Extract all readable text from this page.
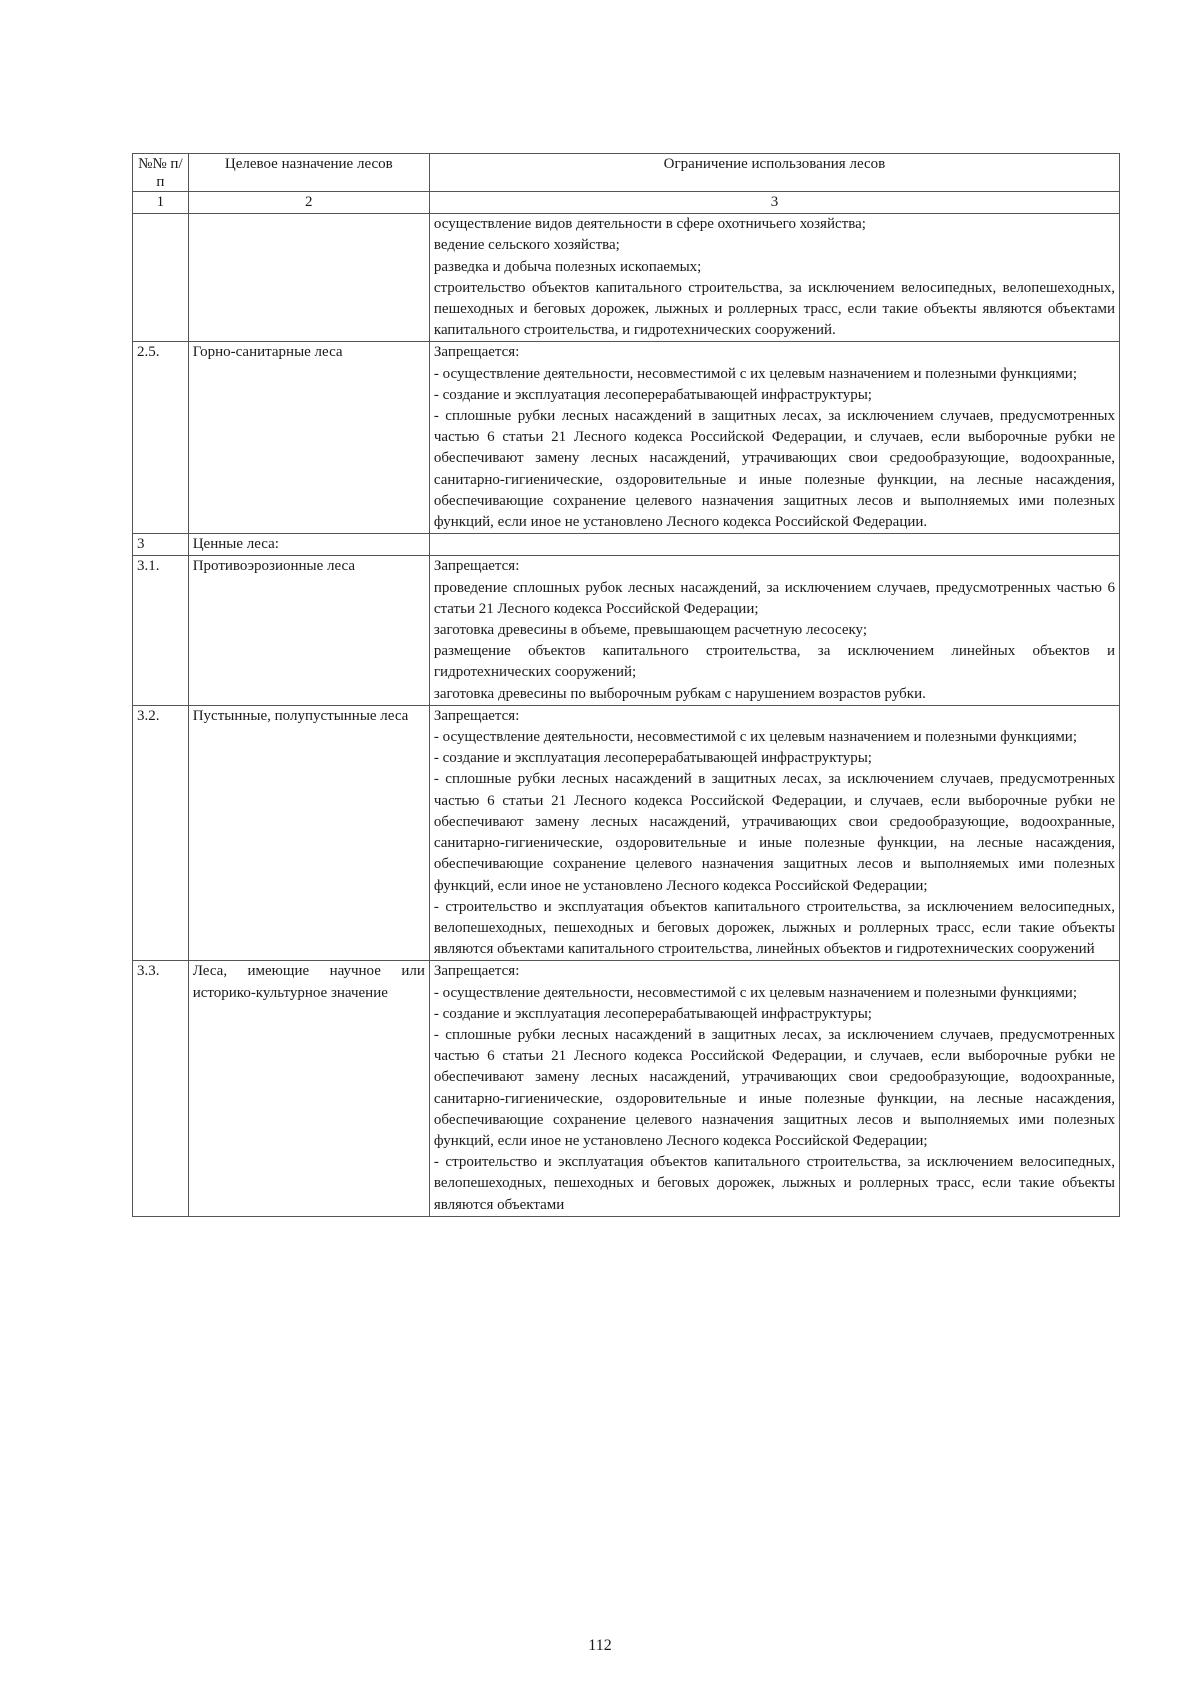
№№ п/п	Целевое назначение лесов	Ограничение использования лесов
1	2	3

		осуществление видов деятельности в сфере охотничьего хозяйства;

ведение сельского хозяйства;

разведка и добыча полезных ископаемых;

строительство объектов капитального строительства, за исключением велосипедных, велопешеходных, пешеходных и беговых дорожек, лыжных и роллерных трасс, если такие объекты являются объектами капитального строительства, и гидротехнических сооружений.

2.5.	Горно-санитарные леса	Запрещается:

- осуществление деятельности, несовместимой с их целевым назначением и полезными функциями;

- создание и эксплуатация лесоперерабатывающей инфраструктуры;

- сплошные рубки лесных насаждений в защитных лесах, за исключением случаев, предусмотренных частью 6 статьи 21 Лесного кодекса Российской Федерации, и случаев, если выборочные рубки не обеспечивают замену лесных насаждений, утрачивающих свои средообразующие, водоохранные, санитарно-гигиенические, оздоровительные и иные полезные функции, на лесные насаждения, обеспечивающие сохранение целевого назначения защитных лесов и выполняемых ими полезных функций, если иное не установлено Лесного кодекса Российской Федерации.

3	Ценные леса:	
3.1.	Противоэрозионные леса	Запрещается:

проведение сплошных рубок лесных насаждений, за исключением случаев, предусмотренных частью 6 статьи 21 Лесного кодекса Российской Федерации;

заготовка древесины в объеме, превышающем расчетную лесосеку;

размещение объектов капитального строительства, за исключением линейных объектов и гидротехнических сооружений;

заготовка древесины по выборочным рубкам с нарушением возрастов рубки.

3.2.	Пустынные, полупустынные леса	Запрещается:

- осуществление деятельности, несовместимой с их целевым назначением и полезными функциями;

- создание и эксплуатация лесоперерабатывающей инфраструктуры;

- сплошные рубки лесных насаждений в защитных лесах, за исключением случаев, предусмотренных частью 6 статьи 21 Лесного кодекса Российской Федерации, и случаев, если выборочные рубки не обеспечивают замену лесных насаждений, утрачивающих свои средообразующие, водоохранные, санитарно-гигиенические, оздоровительные и иные полезные функции, на лесные насаждения, обеспечивающие сохранение целевого назначения защитных лесов и выполняемых ими полезных функций, если иное не установлено Лесного кодекса Российской Федерации;

- строительство и эксплуатация объектов капитального строительства, за исключением велосипедных, велопешеходных, пешеходных и беговых дорожек, лыжных и роллерных трасс, если такие объекты являются объектами капитального строительства, линейных объектов и гидротехнических сооружений

3.3.	Леса, имеющие научное или историко-культурное значение	Запрещается:

- осуществление деятельности, несовместимой с их целевым назначением и полезными функциями;

- создание и эксплуатация лесоперерабатывающей инфраструктуры;

- сплошные рубки лесных насаждений в защитных лесах, за исключением случаев, предусмотренных частью 6 статьи 21 Лесного кодекса Российской Федерации, и случаев, если выборочные рубки не обеспечивают замену лесных насаждений, утрачивающих свои средообразующие, водоохранные, санитарно-гигиенические, оздоровительные и иные полезные функции, на лесные насаждения, обеспечивающие сохранение целевого назначения защитных лесов и выполняемых ими полезных функций, если иное не установлено Лесного кодекса Российской Федерации;

- строительство и эксплуатация объектов капитального строительства, за исключением велосипедных, велопешеходных, пешеходных и беговых дорожек, лыжных и роллерных трасс, если такие объекты являются объектами

112
